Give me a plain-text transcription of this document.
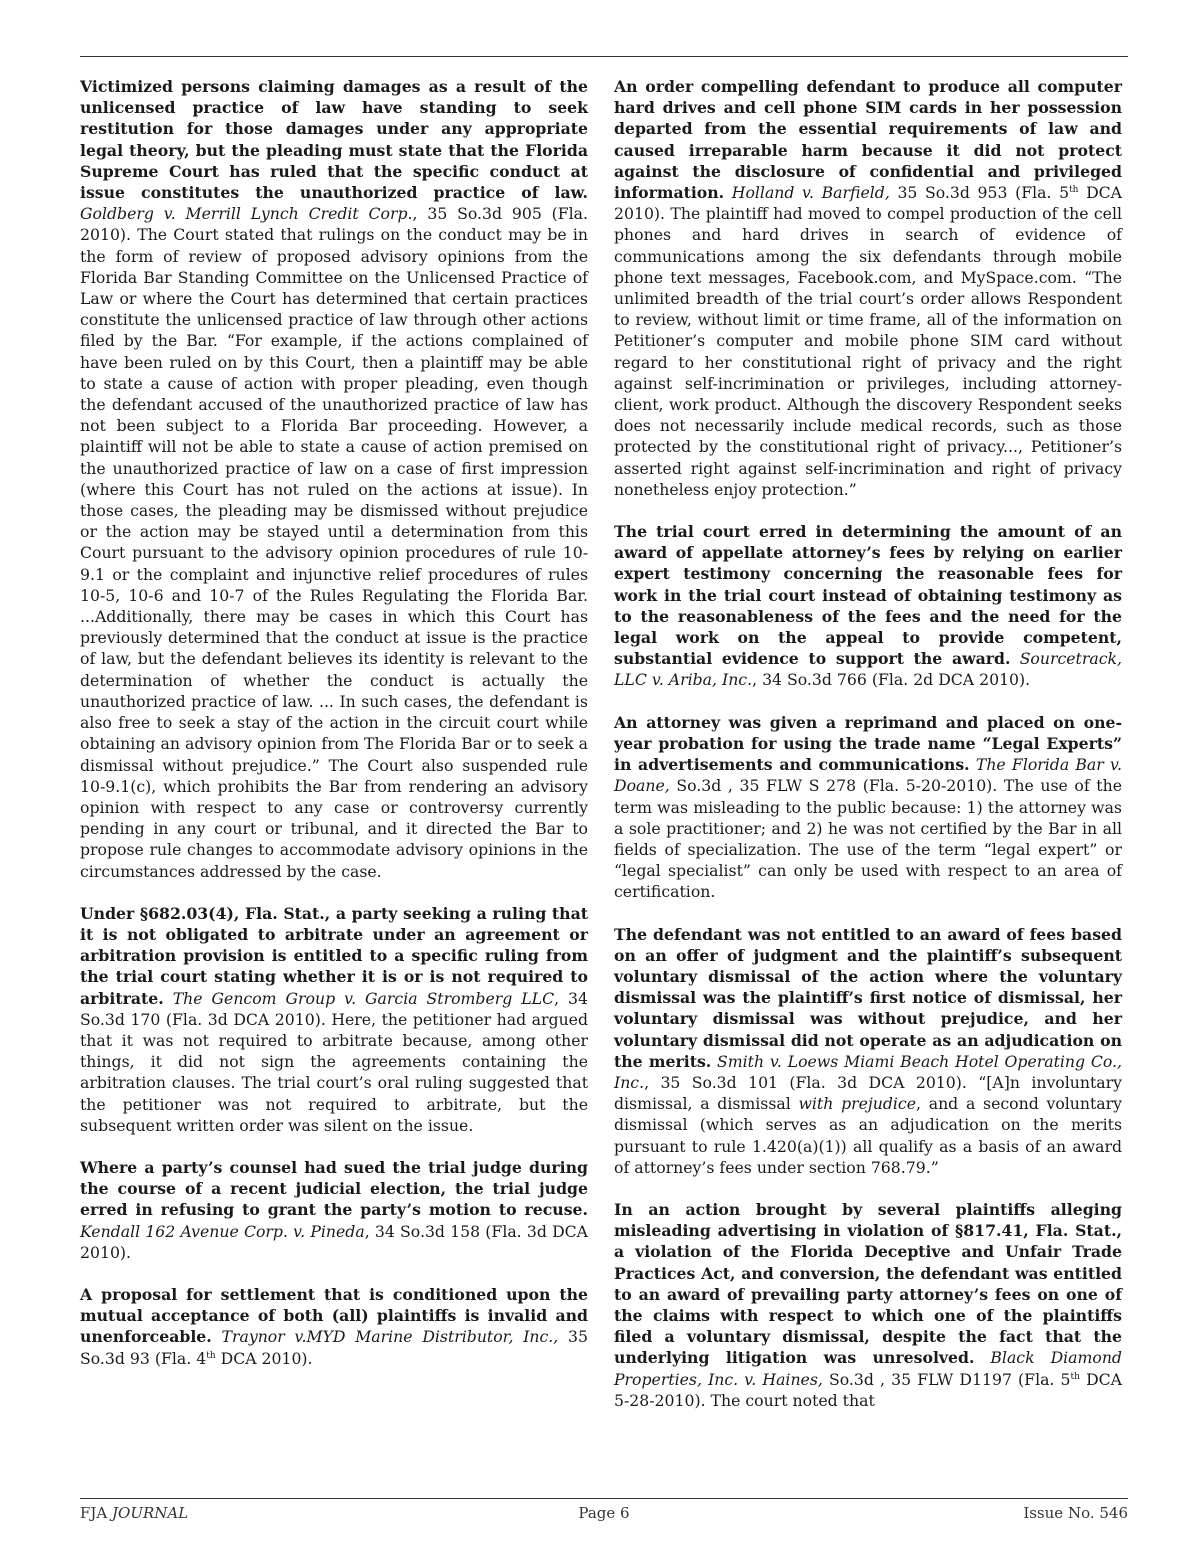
Victimized persons claiming damages as a result of the unlicensed practice of law have standing to seek restitution for those damages under any appropriate legal theory, but the pleading must state that the Florida Supreme Court has ruled that the specific conduct at issue constitutes the unauthorized practice of law. Goldberg v. Merrill Lynch Credit Corp., 35 So.3d 905 (Fla. 2010). The Court stated that rulings on the conduct may be in the form of review of proposed advisory opinions from the Florida Bar Standing Committee on the Unlicensed Practice of Law or where the Court has determined that certain practices constitute the unlicensed practice of law through other actions filed by the Bar. “For example, if the actions complained of have been ruled on by this Court, then a plaintiff may be able to state a cause of action with proper pleading, even though the defendant accused of the unauthorized practice of law has not been subject to a Florida Bar proceeding. However, a plaintiff will not be able to state a cause of action premised on the unauthorized practice of law on a case of first impression (where this Court has not ruled on the actions at issue). In those cases, the pleading may be dismissed without prejudice or the action may be stayed until a determination from this Court pursuant to the advisory opinion procedures of rule 10-9.1 or the complaint and injunctive relief procedures of rules 10-5, 10-6 and 10-7 of the Rules Regulating the Florida Bar. ...Additionally, there may be cases in which this Court has previously determined that the conduct at issue is the practice of law, but the defendant believes its identity is relevant to the determination of whether the conduct is actually the unauthorized practice of law. ... In such cases, the defendant is also free to seek a stay of the action in the circuit court while obtaining an advisory opinion from The Florida Bar or to seek a dismissal without prejudice.” The Court also suspended rule 10-9.1(c), which prohibits the Bar from rendering an advisory opinion with respect to any case or controversy currently pending in any court or tribunal, and it directed the Bar to propose rule changes to accommodate advisory opinions in the circumstances addressed by the case.

Under §682.03(4), Fla. Stat., a party seeking a ruling that it is not obligated to arbitrate under an agreement or arbitration provision is entitled to a specific ruling from the trial court stating whether it is or is not required to arbitrate. The Gencom Group v. Garcia Stromberg LLC, 34 So.3d 170 (Fla. 3d DCA 2010). Here, the petitioner had argued that it was not required to arbitrate because, among other things, it did not sign the agreements containing the arbitration clauses. The trial court’s oral ruling suggested that the petitioner was not required to arbitrate, but the subsequent written order was silent on the issue.

Where a party’s counsel had sued the trial judge during the course of a recent judicial election, the trial judge erred in refusing to grant the party’s motion to recuse. Kendall 162 Avenue Corp. v. Pineda, 34 So.3d 158 (Fla. 3d DCA 2010).

A proposal for settlement that is conditioned upon the mutual acceptance of both (all) plaintiffs is invalid and unenforceable. Traynor v.MYD Marine Distributor, Inc., 35 So.3d 93 (Fla. 4th DCA 2010).

An order compelling defendant to produce all computer hard drives and cell phone SIM cards in her possession departed from the essential requirements of law and caused irreparable harm because it did not protect against the disclosure of confidential and privileged information. Holland v. Barfield, 35 So.3d 953 (Fla. 5th DCA 2010). The plaintiff had moved to compel production of the cell phones and hard drives in search of evidence of communications among the six defendants through mobile phone text messages, Facebook.com, and MySpace.com. “The unlimited breadth of the trial court’s order allows Respondent to review, without limit or time frame, all of the information on Petitioner’s computer and mobile phone SIM card without regard to her constitutional right of privacy and the right against self-incrimination or privileges, including attorney-client, work product. Although the discovery Respondent seeks does not necessarily include medical records, such as those protected by the constitutional right of privacy..., Petitioner’s asserted right against self-incrimination and right of privacy nonetheless enjoy protection.”

The trial court erred in determining the amount of an award of appellate attorney’s fees by relying on earlier expert testimony concerning the reasonable fees for work in the trial court instead of obtaining testimony as to the reasonableness of the fees and the need for the legal work on the appeal to provide competent, substantial evidence to support the award. Sourcetrack, LLC v. Ariba, Inc., 34 So.3d 766 (Fla. 2d DCA 2010).

An attorney was given a reprimand and placed on one-year probation for using the trade name “Legal Experts” in advertisements and communications. The Florida Bar v. Doane, So.3d , 35 FLW S 278 (Fla. 5-20-2010). The use of the term was misleading to the public because: 1) the attorney was a sole practitioner; and 2) he was not certified by the Bar in all fields of specialization. The use of the term “legal expert” or “legal specialist” can only be used with respect to an area of certification.

The defendant was not entitled to an award of fees based on an offer of judgment and the plaintiff’s subsequent voluntary dismissal of the action where the voluntary dismissal was the plaintiff’s first notice of dismissal, her voluntary dismissal was without prejudice, and her voluntary dismissal did not operate as an adjudication on the merits. Smith v. Loews Miami Beach Hotel Operating Co., Inc., 35 So.3d 101 (Fla. 3d DCA 2010). “[A]n involuntary dismissal, a dismissal with prejudice, and a second voluntary dismissal (which serves as an adjudication on the merits pursuant to rule 1.420(a)(1)) all qualify as a basis of an award of attorney’s fees under section 768.79.”

In an action brought by several plaintiffs alleging misleading advertising in violation of §817.41, Fla. Stat., a violation of the Florida Deceptive and Unfair Trade Practices Act, and conversion, the defendant was entitled to an award of prevailing party attorney’s fees on one of the claims with respect to which one of the plaintiffs filed a voluntary dismissal, despite the fact that the underlying litigation was unresolved. Black Diamond Properties, Inc. v. Haines, So.3d , 35 FLW D1197 (Fla. 5th DCA 5-28-2010). The court noted that

FJA JOURNAL	Page 6	Issue No. 546
